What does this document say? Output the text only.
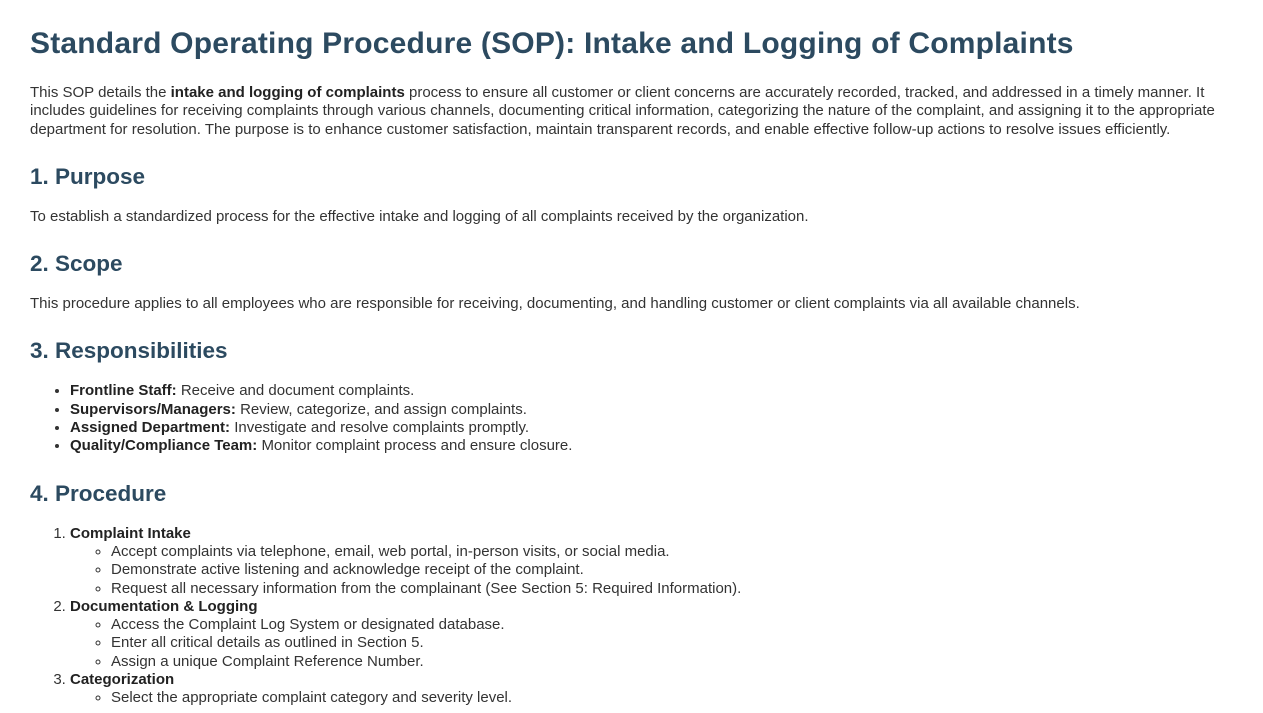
Standard Operating Procedure (SOP): Intake and Logging of Complaints

This SOP details the intake and logging of complaints process to ensure all customer or client concerns are accurately recorded, tracked, and addressed in a timely manner. It includes guidelines for receiving complaints through various channels, documenting critical information, categorizing the nature of the complaint, and assigning it to the appropriate department for resolution. The purpose is to enhance customer satisfaction, maintain transparent records, and enable effective follow-up actions to resolve issues efficiently.

1. Purpose

To establish a standardized process for the effective intake and logging of all complaints received by the organization.

2. Scope

This procedure applies to all employees who are responsible for receiving, documenting, and handling customer or client complaints via all available channels.

3. Responsibilities
• Frontline Staff: Receive and document complaints.
• Supervisors/Managers: Review, categorize, and assign complaints.
• Assigned Department: Investigate and resolve complaints promptly.
• Quality/Compliance Team: Monitor complaint process and ensure closure.
4. Procedure
1. Complaint Intake
◦ Accept complaints via telephone, email, web portal, in-person visits, or social media.
◦ Demonstrate active listening and acknowledge receipt of the complaint.
◦ Request all necessary information from the complainant (See Section 5: Required Information).
2. Documentation & Logging
◦ Access the Complaint Log System or designated database.
◦ Enter all critical details as outlined in Section 5.
◦ Assign a unique Complaint Reference Number.
3. Categorization
◦ Select the appropriate complaint category and severity level.
